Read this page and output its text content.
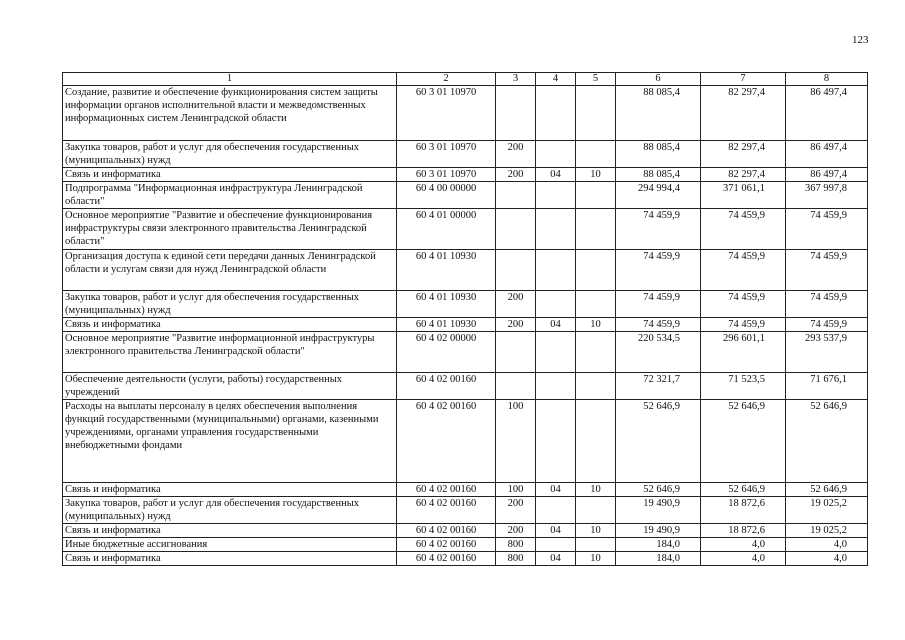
123
1	2	3	4	5	6	7	8
Создание, развитие и обеспечение функционирования систем защиты информации органов исполнительной власти и межведомственных информационных систем Ленинградской области	60 3 01 10970				88 085,4	82 297,4	86 497,4
Закупка товаров, работ и услуг для обеспечения государственных (муниципальных) нужд	60 3 01 10970	200			88 085,4	82 297,4	86 497,4
Связь и информатика	60 3 01 10970	200	04	10	88 085,4	82 297,4	86 497,4
Подпрограмма "Информационная инфраструктура Ленинградской области"	60 4 00 00000				294 994,4	371 061,1	367 997,8
Основное мероприятие "Развитие и обеспечение функционирования инфраструктуры связи электронного правительства Ленинградской области"	60 4 01 00000				74 459,9	74 459,9	74 459,9
Организация доступа к единой сети передачи данных Ленинградской области и услугам связи для нужд Ленинградской области	60 4 01 10930				74 459,9	74 459,9	74 459,9
Закупка товаров, работ и услуг для обеспечения государственных (муниципальных) нужд	60 4 01 10930	200			74 459,9	74 459,9	74 459,9
Связь и информатика	60 4 01 10930	200	04	10	74 459,9	74 459,9	74 459,9
Основное мероприятие "Развитие информационной инфраструктуры электронного правительства Ленинградской области"	60 4 02 00000				220 534,5	296 601,1	293 537,9
Обеспечение деятельности (услуги, работы) государственных учреждений	60 4 02 00160				72 321,7	71 523,5	71 676,1
Расходы на выплаты персоналу в целях обеспечения выполнения функций государственными (муниципальными) органами, казенными учреждениями, органами управления государственными внебюджетными фондами	60 4 02 00160	100			52 646,9	52 646,9	52 646,9
Связь и информатика	60 4 02 00160	100	04	10	52 646,9	52 646,9	52 646,9
Закупка товаров, работ и услуг для обеспечения государственных (муниципальных) нужд	60 4 02 00160	200			19 490,9	18 872,6	19 025,2
Связь и информатика	60 4 02 00160	200	04	10	19 490,9	18 872,6	19 025,2
Иные бюджетные ассигнования	60 4 02 00160	800			184,0	4,0	4,0
Связь и информатика	60 4 02 00160	800	04	10	184,0	4,0	4,0
